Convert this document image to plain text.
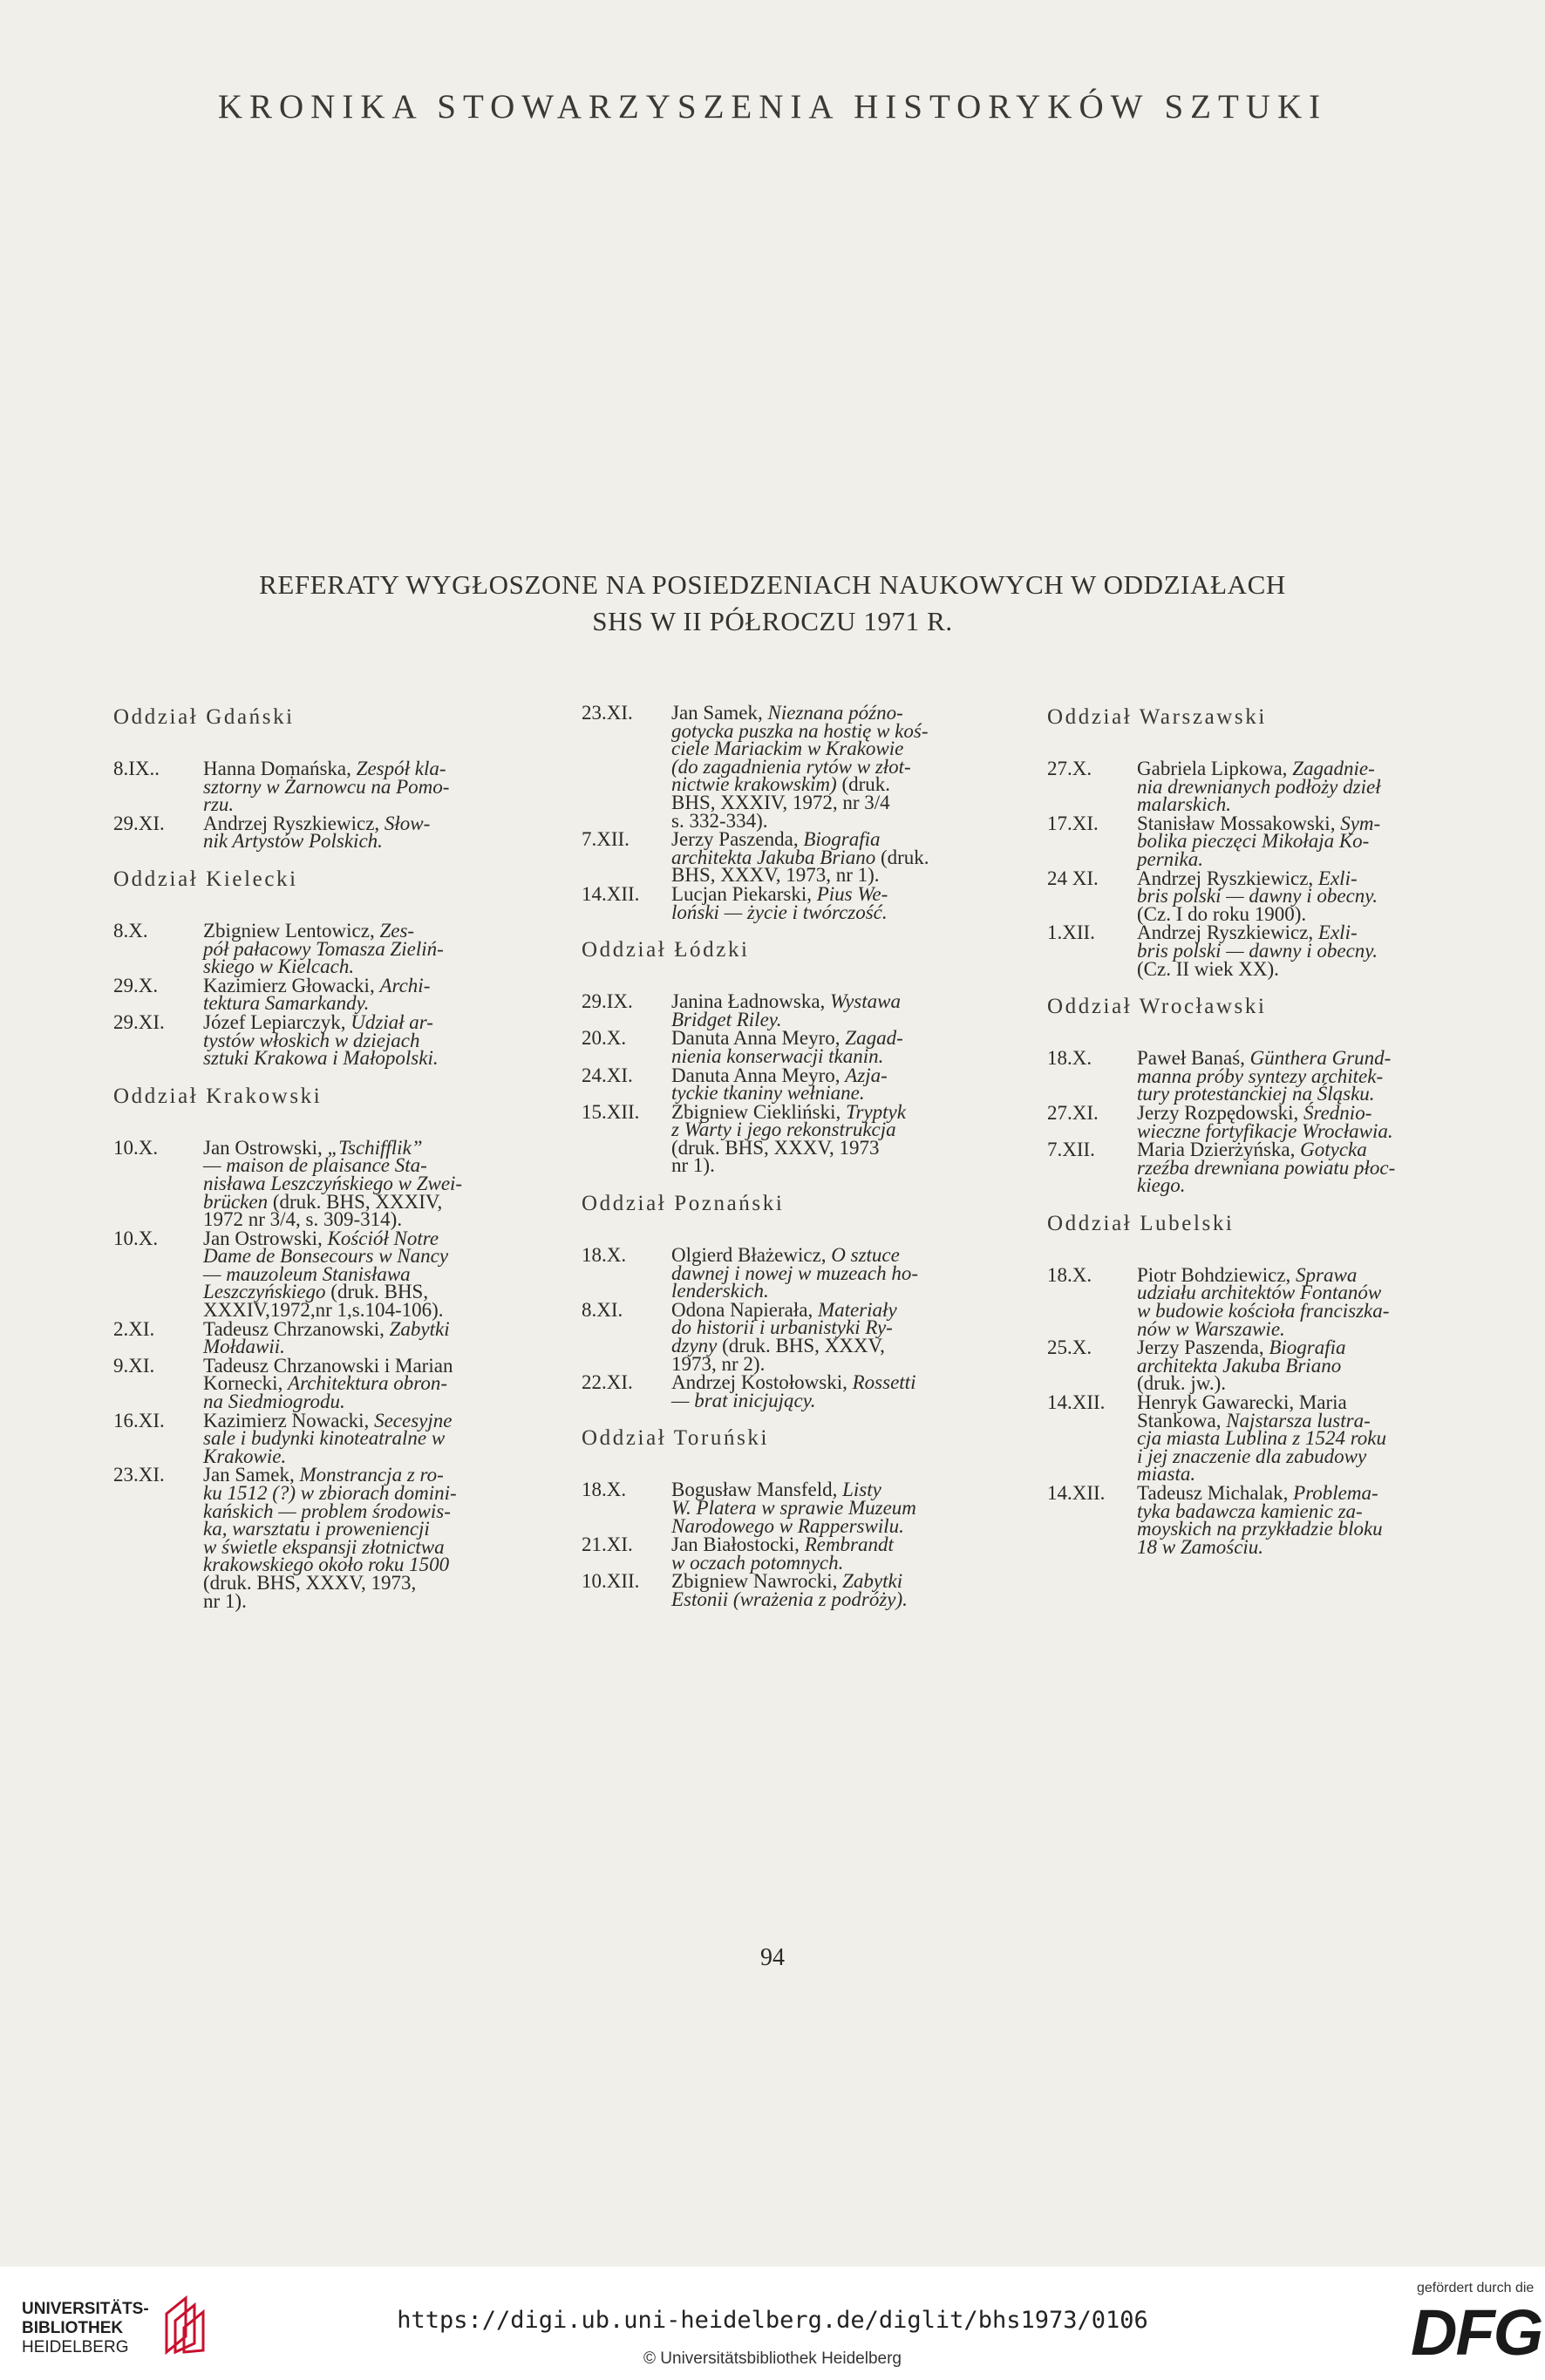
KRONIKA STOWARZYSZENIA HISTORYKÓW SZTUKI
REFERATY WYGŁOSZONE NA POSIEDZENIACH NAUKOWYCH W ODDZIAŁACH
SHS W II PÓŁROCZU 1971 R.
Oddział Gdański
8.IX..	Hanna Domańska, Zespół kla-
sztorny w Żarnowcu na Pomo-
rzu.
29.XI.	Andrzej Ryszkiewicz, Słow-
nik Artystów Polskich.
Oddział Kielecki
8.X.	Zbigniew Lentowicz, Zes-
pół pałacowy Tomasza Zieliń-
skiego w Kielcach.
29.X.	Kazimierz Głowacki, Archi-
tektura Samarkandy.
29.XI.	Józef Lepiarczyk, Udział ar-
tystów włoskich w dziejach
sztuki Krakowa i Małopolski.
Oddział Krakowski
10.X.	Jan Ostrowski, „Tschifflik”
— maison de plaisance Sta-
nisława Leszczyńskiego w Zwei-
brücken (druk. BHS, XXXIV,
1972 nr 3/4, s. 309-314).
10.X.	Jan Ostrowski, Kościół Notre
Dame de Bonsecours w Nancy
— mauzoleum Stanisława
Leszczyńskiego (druk. BHS,
XXXIV,1972,nr 1,s.104-106).
2.XI.	Tadeusz Chrzanowski, Zabytki
Mołdawii.
9.XI.	Tadeusz Chrzanowski i Marian
Kornecki, Architektura obron-
na Siedmiogrodu.
16.XI.	Kazimierz Nowacki, Secesyjne
sale i budynki kinoteatralne w
Krakowie.
23.XI.	Jan Samek, Monstrancja z ro-
ku 1512 (?) w zbiorach domini-
kańskich — problem środowis-
ka, warsztatu i proweniencji
w świetle ekspansji złotnictwa
krakowskiego około roku 1500
(druk. BHS, XXXV, 1973,
nr 1).
23.XI.	Jan Samek, Nieznana późno-
gotycka puszka na hostię w koś-
ciele Mariackim w Krakowie
(do zagadnienia rytów w złot-
nictwie krakowskim) (druk.
BHS, XXXIV, 1972, nr 3/4
s. 332-334).
7.XII.	Jerzy Paszenda, Biografia
architekta Jakuba Briano (druk.
BHS, XXXV, 1973, nr 1).
14.XII.	Lucjan Piekarski, Pius We-
loński — życie i twórczość.
Oddział Łódzki
29.IX.	Janina Ładnowska, Wystawa
Bridget Riley.
20.X.	Danuta Anna Meyro, Zagad-
nienia konserwacji tkanin.
24.XI.	Danuta Anna Meyro, Azja-
tyckie tkaniny wełniane.
15.XII.	Zbigniew Ciekliński, Tryptyk
z Warty i jego rekonstrukcja
(druk. BHS, XXXV, 1973
nr 1).
Oddział Poznański
18.X.	Olgierd Błażewicz, O sztuce
dawnej i nowej w muzeach ho-
lenderskich.
8.XI.	Odona Napierała, Materiały
do historii i urbanistyki Ry-
dzyny (druk. BHS, XXXV,
1973, nr 2).
22.XI.	Andrzej Kostołowski, Rossetti
— brat inicjujący.
Oddział Toruński
18.X.	Bogusław Mansfeld, Listy
W. Platera w sprawie Muzeum
Narodowego w Rapperswilu.
21.XI.	Jan Białostocki, Rembrandt
w oczach potomnych.
10.XII.	Zbigniew Nawrocki, Zabytki
Estonii (wrażenia z podróży).
Oddział Warszawski
27.X.	Gabriela Lipkowa, Zagadnie-
nia drewnianych podłoży dzieł
malarskich.
17.XI.	Stanisław Mossakowski, Sym-
bolika pieczęci Mikołaja Ko-
pernika.
24 XI.	Andrzej Ryszkiewicz, Exli-
bris polski — dawny i obecny.
(Cz. I do roku 1900).
1.XII.	Andrzej Ryszkiewicz, Exli-
bris polski — dawny i obecny.
(Cz. II wiek XX).
Oddział Wrocławski
18.X.	Paweł Banaś, Günthera Grund-
manna próby syntezy architek-
tury protestanckiej na Śląsku.
27.XI.	Jerzy Rozpędowski, Średnio-
wieczne fortyfikacje Wrocławia.
7.XII.	Maria Dzierżyńska, Gotycka
rzeźba drewniana powiatu płoc-
kiego.
Oddział Lubelski
18.X.	Piotr Bohdziewicz, Sprawa
udziału architektów Fontanów
w budowie kościoła franciszka-
nów w Warszawie.
25.X.	Jerzy Paszenda, Biografia
architekta Jakuba Briano
(druk. jw.).
14.XII.	Henryk Gawarecki, Maria
Stankowa, Najstarsza lustra-
cja miasta Lublina z 1524 roku
i jej znaczenie dla zabudowy
miasta.
14.XII.	Tadeusz Michalak, Problema-
tyka badawcza kamienic za-
moyskich na przykładzie bloku
18 w Zamościu.
94
UNIVERSITÄTS-
BIBLIOTHEK
HEIDELBERG
https://digi.ub.uni-heidelberg.de/diglit/bhs1973/0106
© Universitätsbibliothek Heidelberg
gefördert durch die
DFG
